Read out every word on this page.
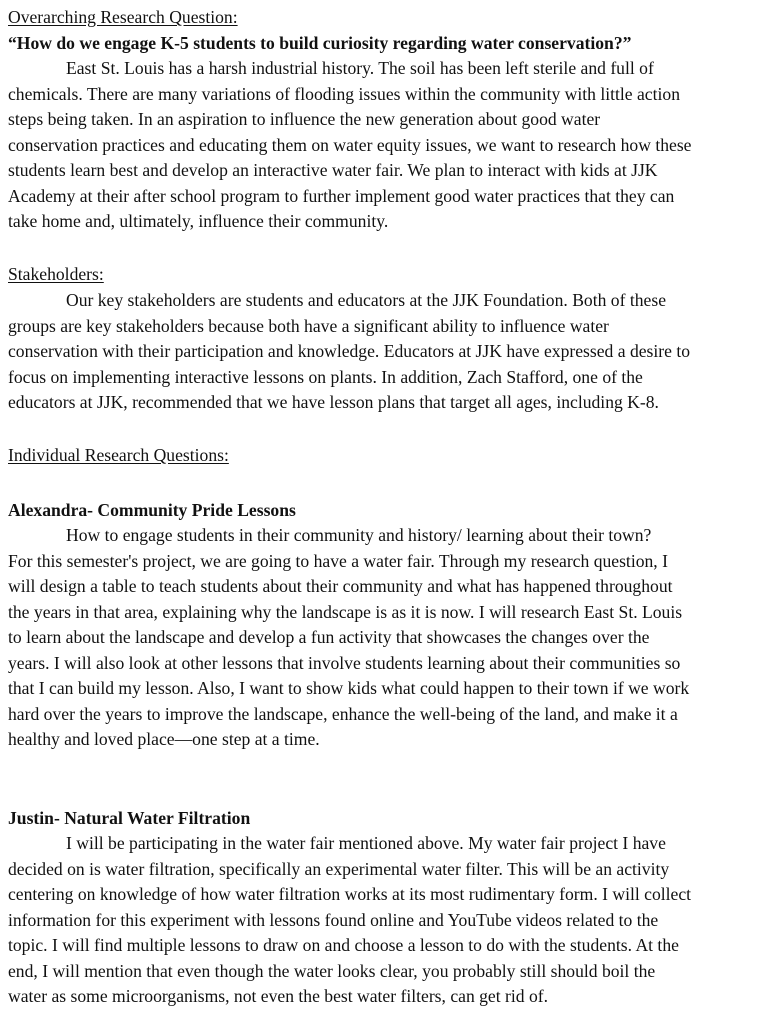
Overarching Research Question:
“How do we engage K-5 students to build curiosity regarding water conservation?”
East St. Louis has a harsh industrial history. The soil has been left sterile and full of
chemicals. There are many variations of flooding issues within the community with little action
steps being taken. In an aspiration to influence the new generation about good water
conservation practices and educating them on water equity issues, we want to research how these
students learn best and develop an interactive water fair. We plan to interact with kids at JJK
Academy at their after school program to further implement good water practices that they can
take home and, ultimately, influence their community.
Stakeholders:
Our key stakeholders are students and educators at the JJK Foundation. Both of these
groups are key stakeholders because both have a significant ability to influence water
conservation with their participation and knowledge. Educators at JJK have expressed a desire to
focus on implementing interactive lessons on plants. In addition, Zach Stafford, one of the
educators at JJK, recommended that we have lesson plans that target all ages, including K-8.
Individual Research Questions:
Alexandra- Community Pride Lessons
How to engage students in their community and history/ learning about their town?
For this semester's project, we are going to have a water fair. Through my research question, I
will design a table to teach students about their community and what has happened throughout
the years in that area, explaining why the landscape is as it is now. I will research East St. Louis
to learn about the landscape and develop a fun activity that showcases the changes over the
years. I will also look at other lessons that involve students learning about their communities so
that I can build my lesson. Also, I want to show kids what could happen to their town if we work
hard over the years to improve the landscape, enhance the well-being of the land, and make it a
healthy and loved place—one step at a time.
Justin- Natural Water Filtration
I will be participating in the water fair mentioned above. My water fair project I have
decided on is water filtration, specifically an experimental water filter. This will be an activity
centering on knowledge of how water filtration works at its most rudimentary form. I will collect
information for this experiment with lessons found online and YouTube videos related to the
topic. I will find multiple lessons to draw on and choose a lesson to do with the students. At the
end, I will mention that even though the water looks clear, you probably still should boil the
water as some microorganisms, not even the best water filters, can get rid of.
